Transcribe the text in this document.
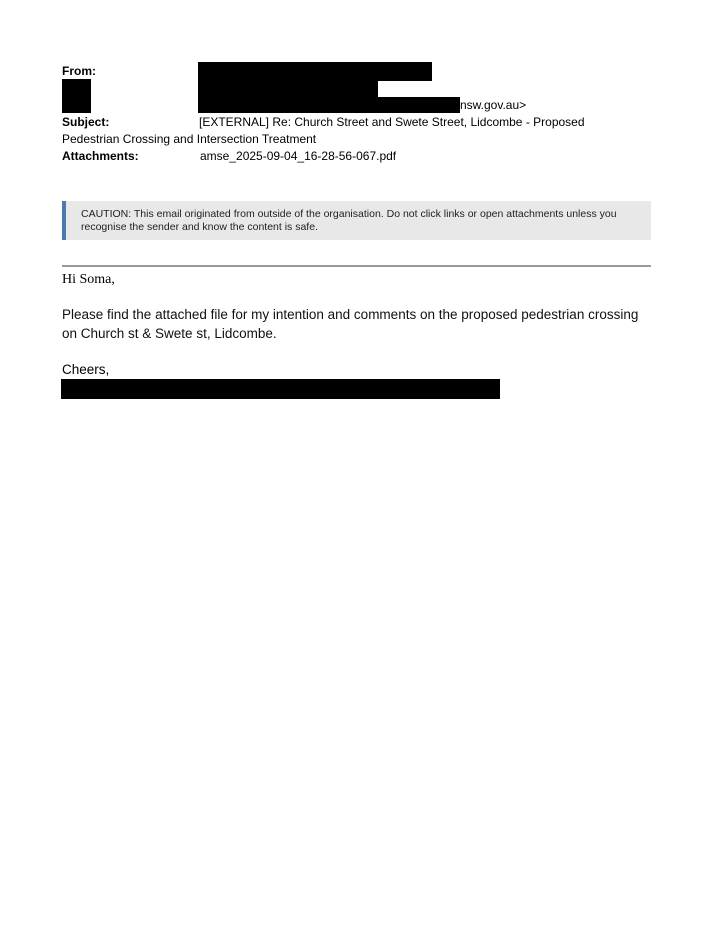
From:
nsw.gov.au>
Subject:	[EXTERNAL] Re: Church Street and Swete Street, Lidcombe - Proposed
Pedestrian Crossing and Intersection Treatment
Attachments:	amse_2025-09-04_16-28-56-067.pdf
CAUTION: This email originated from outside of the organisation. Do not click links or open attachments unless you recognise the sender and know the content is safe.
Hi Soma,
Please find the attached file for my intention and comments on the proposed pedestrian crossing on Church st & Swete st, Lidcombe.
Cheers,
